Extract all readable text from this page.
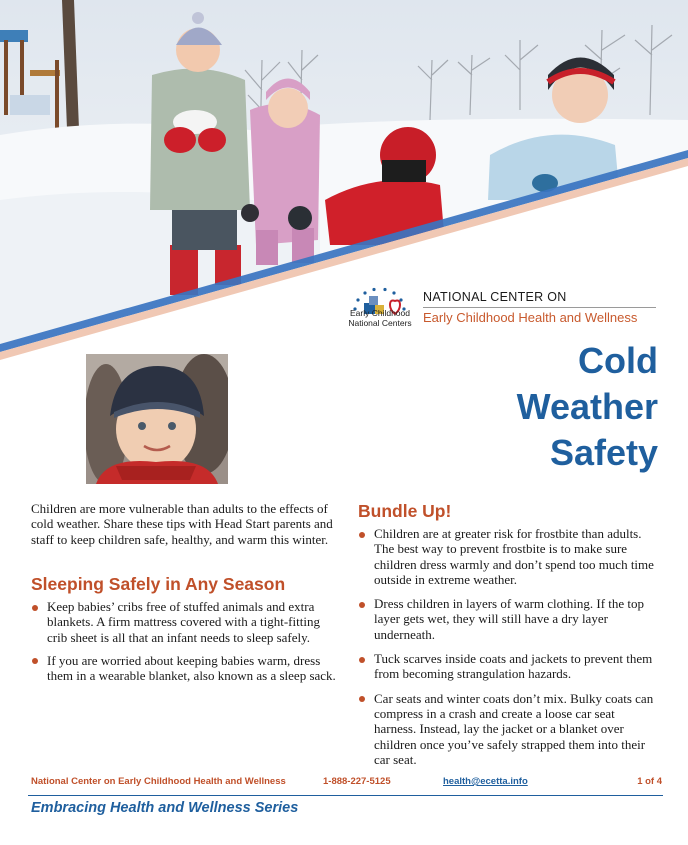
Early Childhood
National Centers
NATIONAL CENTER ON
Early Childhood Health and Wellness
Cold
Weather
Safety
Children are more vulnerable than adults to the effects of cold weather. Share these tips with Head Start parents and staff to keep children safe, healthy, and warm this winter.
Sleeping Safely in Any Season
Keep babies’ cribs free of stuffed animals and extra blankets. A firm mattress covered with a tight-fitting crib sheet is all that an infant needs to sleep safely.
If you are worried about keeping babies warm, dress them in a wearable blanket, also known as a sleep sack.
Bundle Up!
Children are at greater risk for frostbite than adults. The best way to prevent frostbite is to make sure children dress warmly and don’t spend too much time outside in extreme weather.
Dress children in layers of warm clothing. If the top layer gets wet, they will still have a dry layer underneath.
Tuck scarves inside coats and jackets to prevent them from becoming strangulation hazards.
Car seats and winter coats don’t mix. Bulky coats can compress in a crash and create a loose car seat harness. Instead, lay the jacket or a blanket over children once you’ve safely strapped them into their car seat.
National Center on Early Childhood Health and Wellness	1-888-227-5125	health@ecetta.info	1 of 4
Embracing Health and Wellness Series
